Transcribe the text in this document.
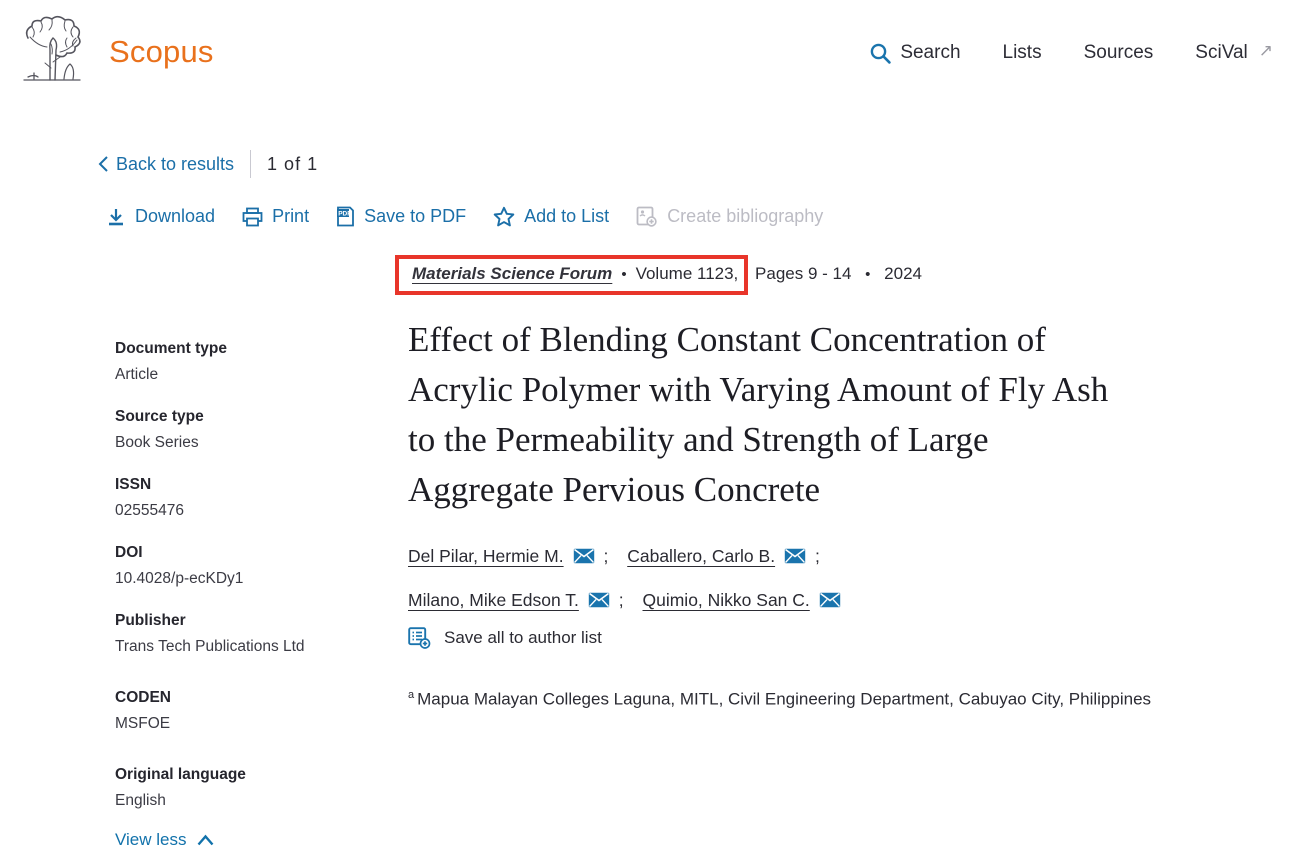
Scopus	Search Lists Sources SciVal ↗
Back to results 1 of 1
Download	Print	PDF Save to PDF	Add to List	Create bibliography
Document type
Article
Source type
Book Series
ISSN
02555476
DOI
10.4028/p-ecKDy1
Publisher
Trans Tech Publications Ltd
CODEN
MSFOE
Original language
English
View less
Materials Science Forum • Volume 1123, Pages 9 - 14 • 2024
Effect of Blending Constant Concentration of
Acrylic Polymer with Varying Amount of Fly Ash
to the Permeability and Strength of Large
Aggregate Pervious Concrete
Del Pilar, Hermie M. ; Caballero, Carlo B. ;
Milano, Mike Edson T. ; Quimio, Nikko San C.
Save all to author list

$^a$ Mapua Malayan Colleges Laguna, MITL, Civil Engineering Department, Cabuyao City, Philippines
